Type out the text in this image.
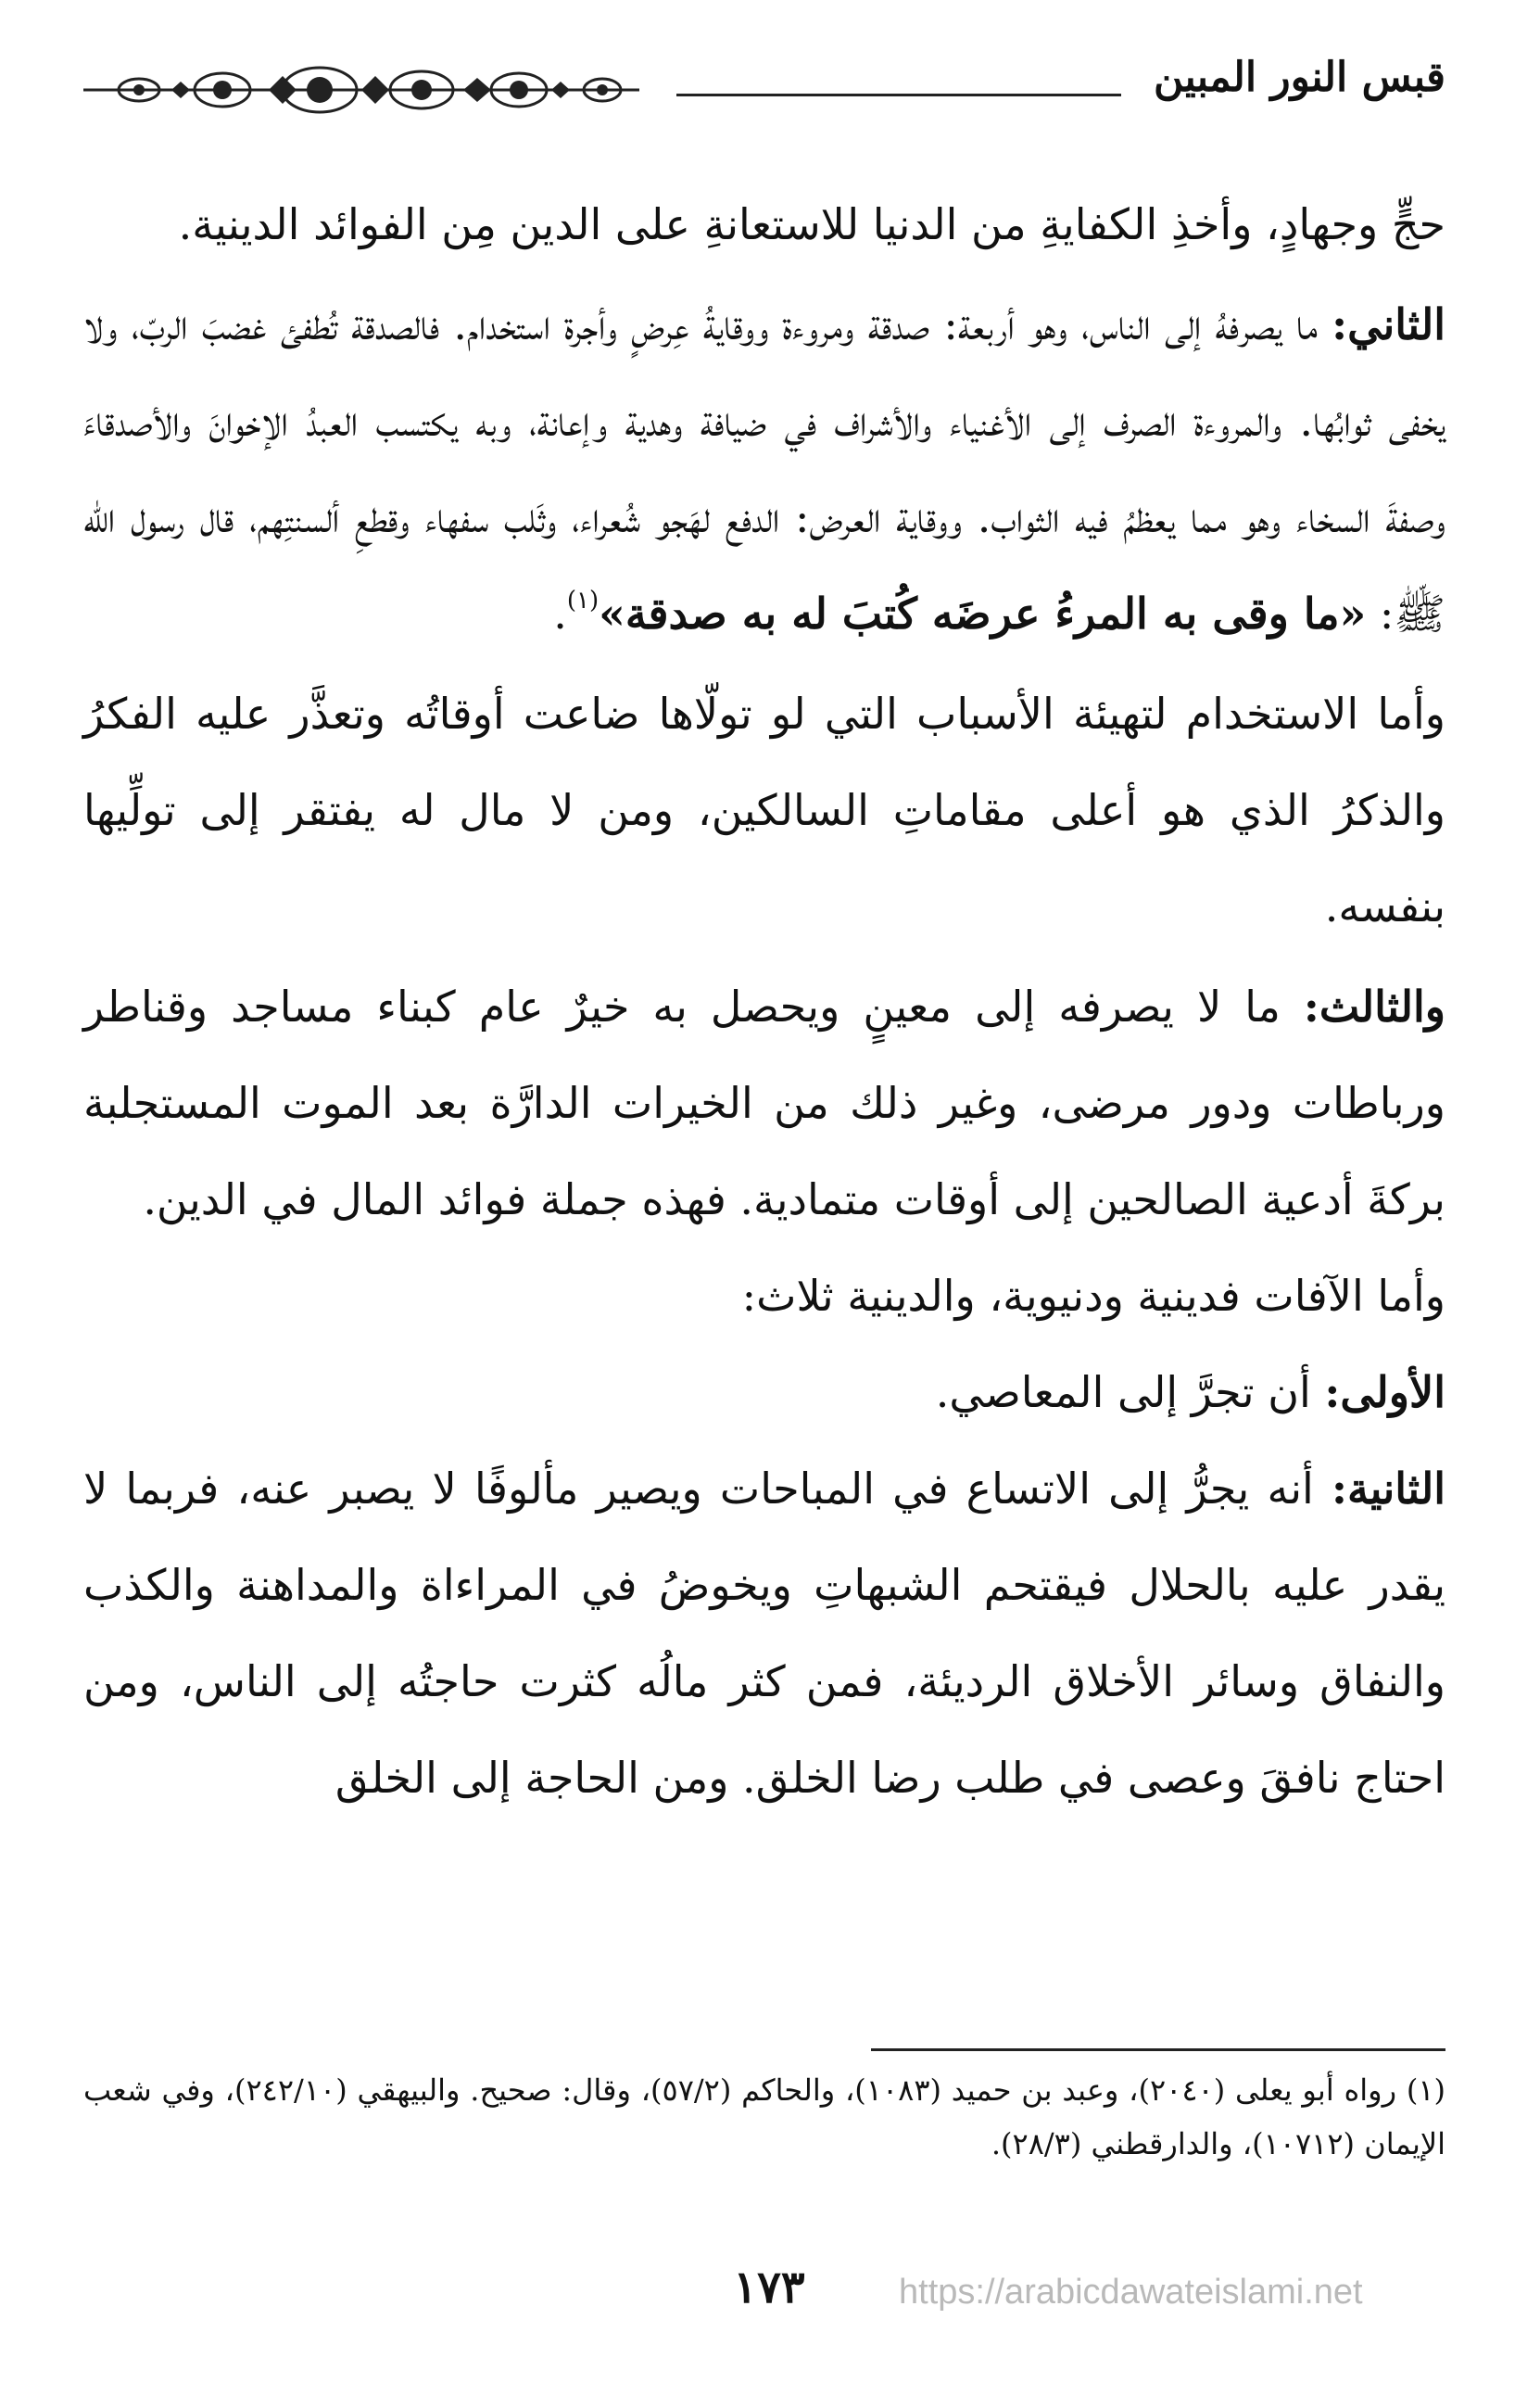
قبس النور المبين

حجٍّ وجهادٍ، وأخذِ الكفايةِ من الدنيا للاستعانةِ على الدين مِن الفوائد الدينية.

الثاني: ما يصرفهُ إلى الناس، وهو أربعة: صدقة ومروءة ووقايةُ عِرضٍ وأجرة استخدام. فالصدقة تُطفئ غضبَ الربّ، ولا يخفى ثوابُها. والمروءة الصرف إلى الأغنياء والأشراف في ضيافة وهدية وإعانة، وبه يكتسب العبدُ الإخوانَ والأصدقاءَ وصفةَ السخاء وهو مما يعظمُ فيه الثواب. ووقاية العرض: الدفع لهَجو شُعراء، وثَلب سفهاء وقطعِ ألسنتِهم، قال رسول الله ﷺ: «ما وقى به المرءُ عرضَه كُتبَ له به صدقة»$^{(١)}$.

وأما الاستخدام لتهيئة الأسباب التي لو تولّاها ضاعت أوقاتُه وتعذَّر عليه الفكرُ والذكرُ الذي هو أعلى مقاماتِ السالكين، ومن لا مال له يفتقر إلى تولِّيها بنفسه.

والثالث: ما لا يصرفه إلى معينٍ ويحصل به خيرٌ عام كبناء مساجد وقناطر ورباطات ودور مرضى، وغير ذلك من الخيرات الدارَّة بعد الموت المستجلبة بركةَ أدعية الصالحين إلى أوقات متمادية. فهذه جملة فوائد المال في الدين.

وأما الآفات فدينية ودنيوية، والدينية ثلاث:

الأولى: أن تجرَّ إلى المعاصي.

الثانية: أنه يجرُّ إلى الاتساع في المباحات ويصير مألوفًا لا يصبر عنه، فربما لا يقدر عليه بالحلال فيقتحم الشبهاتِ ويخوضُ في المراءاة والمداهنة والكذب والنفاق وسائر الأخلاق الرديئة، فمن كثر مالُه كثرت حاجتُه إلى الناس، ومن احتاج نافقَ وعصى في طلب رضا الخلق. ومن الحاجة إلى الخلق

(١) رواه أبو يعلى (٢٠٤٠)، وعبد بن حميد (١٠٨٣)، والحاكم (٥٧/٢)، وقال: صحيح. والبيهقي (٢٤٢/١٠)، وفي شعب الإيمان (١٠٧١٢)، والدارقطني (٢٨/٣).

١٧٣	https://arabicdawateislami.net
